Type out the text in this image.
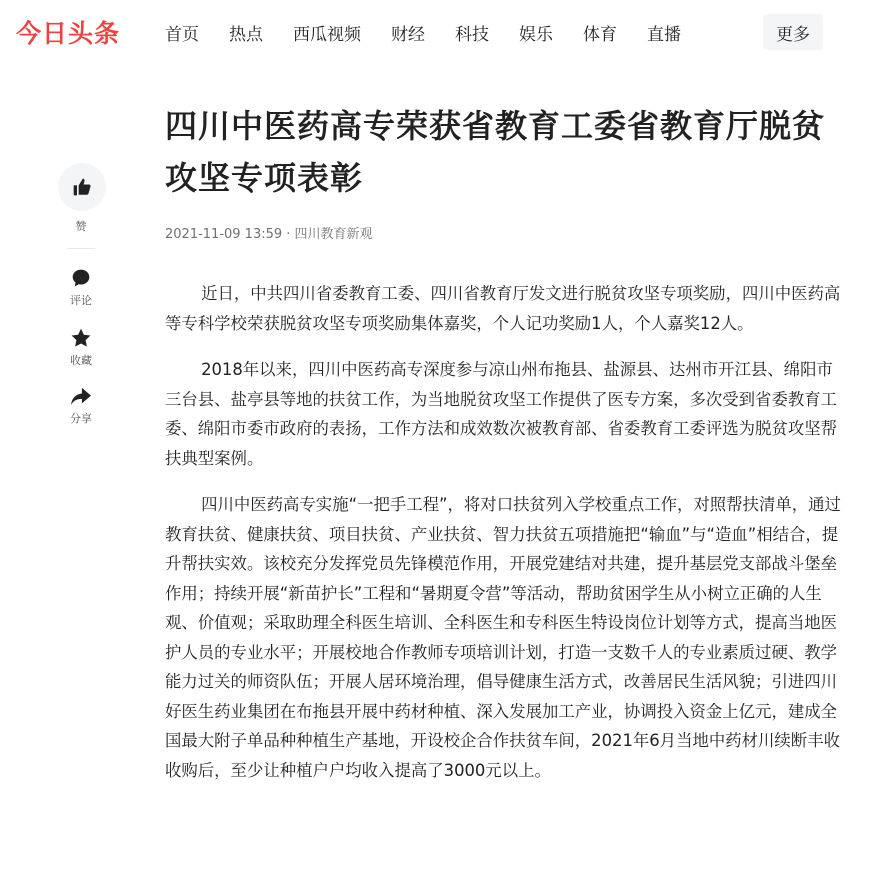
今日头条	首页 热点 西瓜视频 财经 科技 娱乐 体育 直播	更多
赞
评论
收藏
分享
四川中医药高专荣获省教育工委省教育厅脱贫攻坚专项表彰
2021-11-09 13:59 · 四川教育新观

近日，中共四川省委教育工委、四川省教育厅发文进行脱贫攻坚专项奖励，四川中医药高等专科学校荣获脱贫攻坚专项奖励集体嘉奖，个人记功奖励1人，个人嘉奖12人。

2018年以来，四川中医药高专深度参与凉山州布拖县、盐源县、达州市开江县、绵阳市三台县、盐亭县等地的扶贫工作，为当地脱贫攻坚工作提供了医专方案，多次受到省委教育工委、绵阳市委市政府的表扬，工作方法和成效数次被教育部、省委教育工委评选为脱贫攻坚帮扶典型案例。

四川中医药高专实施“一把手工程”，将对口扶贫列入学校重点工作，对照帮扶清单，通过教育扶贫、健康扶贫、项目扶贫、产业扶贫、智力扶贫五项措施把“输血”与“造血”相结合，提升帮扶实效。该校充分发挥党员先锋模范作用，开展党建结对共建，提升基层党支部战斗堡垒作用；持续开展“新苗护长”工程和“暑期夏令营”等活动，帮助贫困学生从小树立正确的人生观、价值观；采取助理全科医生培训、全科医生和专科医生特设岗位计划等方式，提高当地医护人员的专业水平；开展校地合作教师专项培训计划，打造一支数千人的专业素质过硬、教学能力过关的师资队伍；开展人居环境治理，倡导健康生活方式，改善居民生活风貌；引进四川好医生药业集团在布拖县开展中药材种植、深入发展加工产业，协调投入资金上亿元，建成全国最大附子单品种种植生产基地，开设校企合作扶贫车间，2021年6月当地中药材川续断丰收收购后，至少让种植户户均收入提高了3000元以上。
